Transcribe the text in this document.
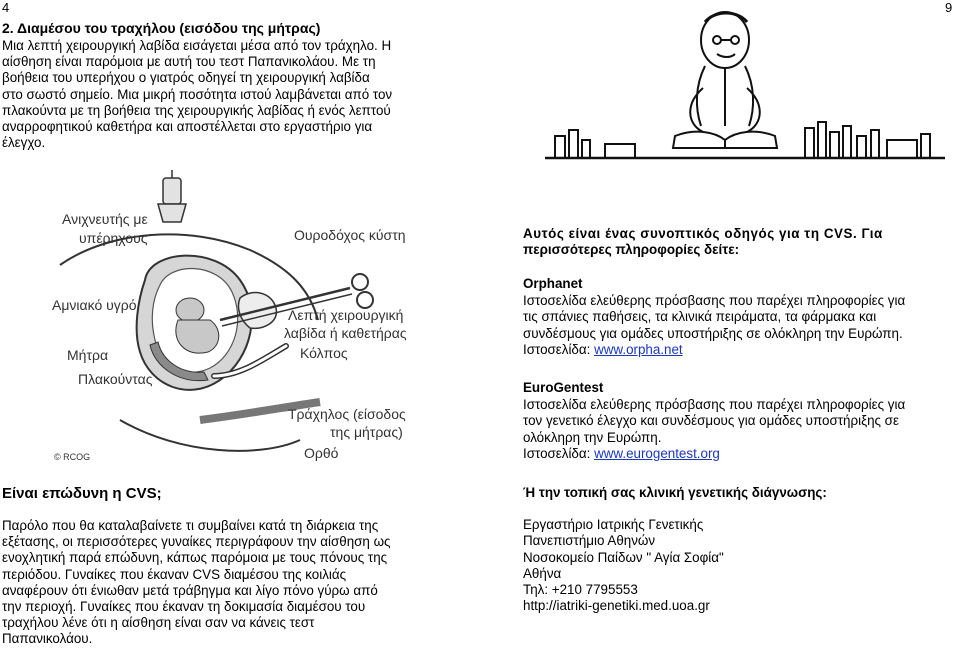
4	9
2. Διαμέσου του τραχήλου (εισόδου της μήτρας)
Μια λεπτή χειρουργική λαβίδα εισάγεται μέσα από τον τράχηλο. Η
αίσθηση είναι παρόμοια με αυτή του τεστ Παπανικολάου. Με τη
βοήθεια του υπερήχου ο γιατρός οδηγεί τη χειρουργική λαβίδα
στο σωστό σημείο. Μια μικρή ποσότητα ιστού λαμβάνεται από τον
πλακούντα με τη βοήθεια της χειρουργικής λαβίδας ή ενός λεπτού
αναρροφητικού καθετήρα και αποστέλλεται στο εργαστήριο για
έλεγχο.
Ανιχνευτής με
υπέρηχους	Ουροδόχος κύστη
Αμνιακό υγρό
Λεπτή χειρουργική
λαβίδα ή καθετήρας
Κόλπος
Μήτρα
Πλακούντας
Τράχηλος (είσοδος
της μήτρας)
© RCOG	Ορθό
Είναι επώδυνη η CVS;
Παρόλο που θα καταλαβαίνετε τι συμβαίνει κατά τη διάρκεια της
εξέτασης, οι περισσότερες γυναίκες περιγράφουν την αίσθηση ως
ενοχλητική παρά επώδυνη, κάπως παρόμοια με τους πόνους της
περιόδου. Γυναίκες που έκαναν CVS διαμέσου της κοιλιάς
αναφέρουν ότι ένιωθαν μετά τράβηγμα και λίγο πόνο γύρω από
την περιοχή. Γυναίκες που έκαναν τη δοκιμασία διαμέσου του
τραχήλου λένε ότι η αίσθηση είναι σαν να κάνεις τεστ
Παπανικολάου.
Αυτός είναι ένας συνοπτικός οδηγός για τη CVS. Για
περισσότερες πληροφορίες δείτε:
Orphanet
Ιστοσελίδα ελεύθερης πρόσβασης που παρέχει πληροφορίες για
τις σπάνιες παθήσεις, τα κλινικά πειράματα, τα φάρμακα και
συνδέσμους για ομάδες υποστήριξης σε ολόκληρη την Ευρώπη.
Ιστοσελίδα: www.orpha.net
EuroGentest
Ιστοσελίδα ελεύθερης πρόσβασης που παρέχει πληροφορίες για
τον γενετικό έλεγχο και συνδέσμους για ομάδες υποστήριξης σε
ολόκληρη την Ευρώπη.
Ιστοσελίδα: www.eurogentest.org
Ή την τοπική σας κλινική γενετικής διάγνωσης:
Εργαστήριο Ιατρικής Γενετικής
Πανεπιστήμιο Αθηνών
Νοσοκομείο Παίδων " Αγία Σοφία"
Αθήνα
Τηλ: +210 7795553
http://iatriki-genetiki.med.uoa.gr
